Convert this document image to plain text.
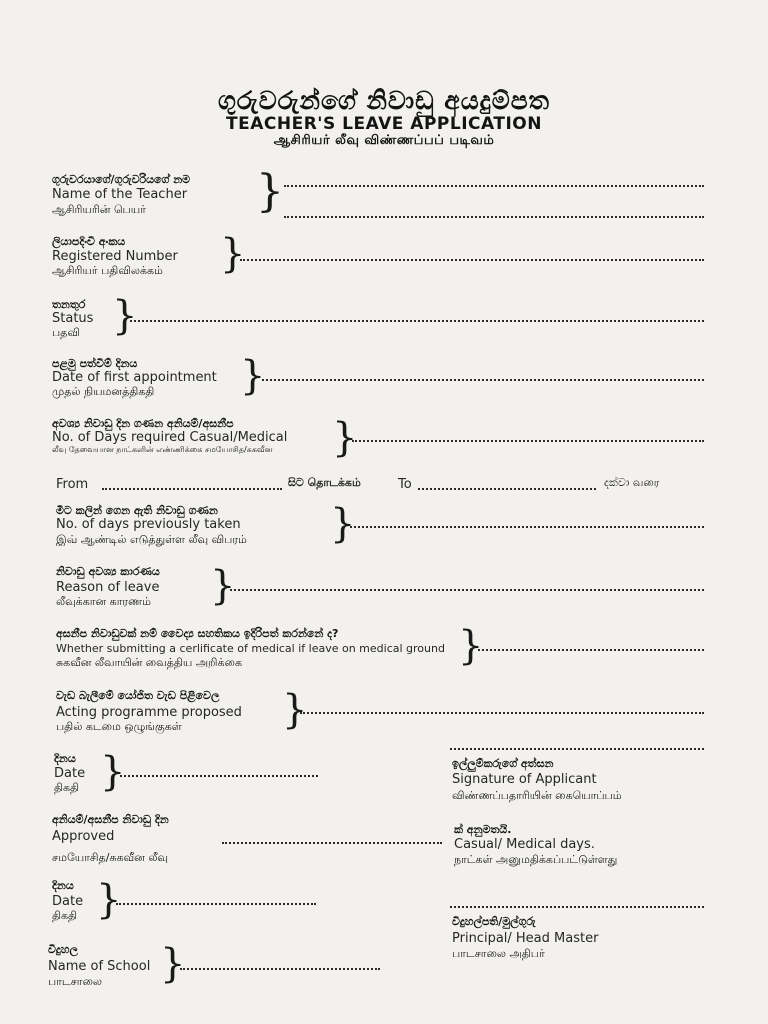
ගුරුවරුන්ගේ නිවාඩු අයදුම්පත
TEACHER'S LEAVE APPLICATION
ஆசிரியர் லீவு விண்ணப்பப் படிவம்
ගුරුවරයාගේ/ගුරුවරියගේ නම
Name of the Teacher
ஆசிரியரின் பெயர்	}
ලියාපදිංචි අංකය
Registered Number
ஆசிரியர் பதிவிலக்கம் }
තනතුර
Status
பதவி }
පළමු පත්වීම් දිනය
Date of first appointment
முதல் நியமனத்திகதி }
අවශ්‍ය නිවාඩු දින ගණන අනියම්/අසනීප
No. of Days required Casual/Medical
லீவு தேவையான நாட்களின் எண்ணிக்கை சமயோசித/சுகவீன }
From	සිට தொடக்கம்	To	දක්වා வரை
මීට කලින් ගෙන ඇති නිවාඩු ගණන
No. of days previously taken
இவ் ஆண்டில் எடுத்துள்ள லீவு விபரம் }
නිවාඩු අවශ්‍ය කාරණය
Reason of leave
லீவுக்கான காரணம் }
අසනීප නිවාඩුවක් නම් වෛද්‍ය සහතිකය ඉදිරිපත් කරන්නේ ද?
Whether submitting a cerlificate of medical if leave on medical ground
சுகவீன லீவாயின் வைத்திய அறிக்கை	}
වැඩ බැලීමේ යෝජිත වැඩ පිළිවෙල
Acting programme proposed
பதில் கடமை ஒழுங்குகள்	}
දිනය
Date
திகதி }	ඉල්ලුම්කරුගේ අත්සන
Signature of Applicant
விண்ணப்பதாரியின் கையொப்பம்
අනියම්/අසනීප නිවාඩු දින
Approved
சமயோசித/சுகவீன லீவு
ක් අනුමතයි.
Casual/ Medical days.
நாட்கள் அனுமதிக்கப்பட்டுள்ளது
දිනය
Date
திகதி }	විදුහල්පති/මුල්ගුරු
Principal/ Head Master
பாடசாலை அதிபர்
විදුහල
Name of School
பாடசாலை }
